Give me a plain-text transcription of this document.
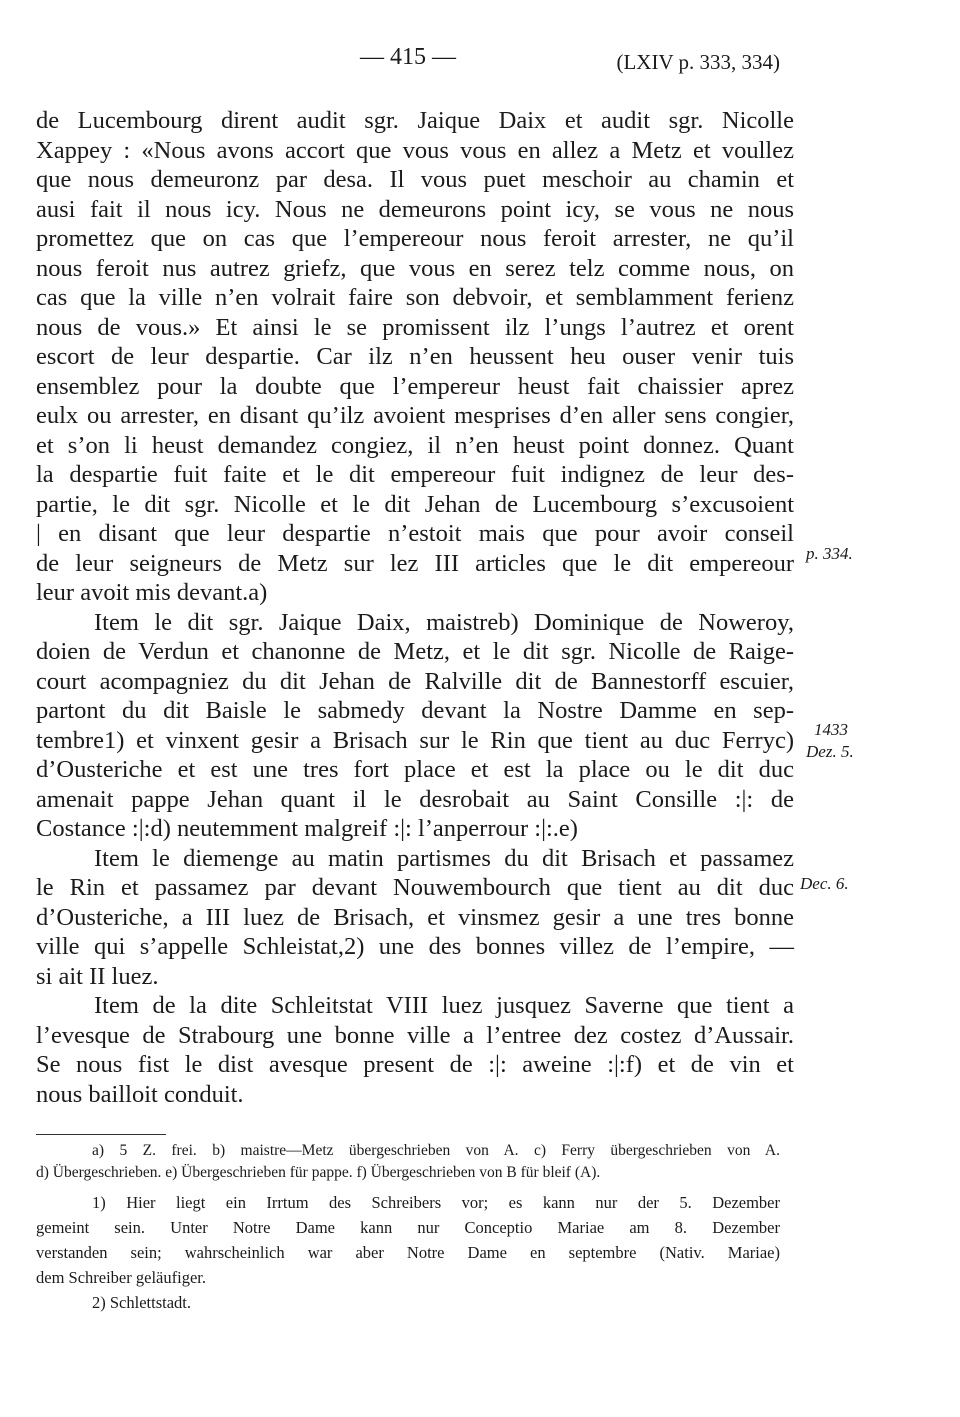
— 415 —	(LXIV p. 333, 334)
de Lucembourg dirent audit sgr. Jaique Daix et audit sgr. Nicolle
Xappey : «Nous avons accort que vous vous en allez a Metz et voullez
que nous demeuronz par desa. Il vous puet meschoir au chamin et
ausi fait il nous icy. Nous ne demeurons point icy, se vous ne nous
promettez que on cas que l’empereour nous feroit arrester, ne qu’il
nous feroit nus autrez griefz, que vous en serez telz comme nous, on
cas que la ville n’en volrait faire son debvoir, et semblamment ferienz
nous de vous.» Et ainsi le se promissent ilz l’ungs l’autrez et orent
escort de leur despartie. Car ilz n’en heussent heu ouser venir tuis
ensemblez pour la doubte que l’empereur heust fait chaissier aprez
eulx ou arrester, en disant qu’ilz avoient mesprises d’en aller sens congier,
et s’on li heust demandez congiez, il n’en heust point donnez. Quant
la despartie fuit faite et le dit empereour fuit indignez de leur des-
partie, le dit sgr. Nicolle et le dit Jehan de Lucembourg s’excusoient
| en disant que leur despartie n’estoit mais que pour avoir conseil
de leur seigneurs de Metz sur lez III articles que le dit empereour
leur avoit mis devant.a)
Item le dit sgr. Jaique Daix, maistreb) Dominique de Noweroy,
doien de Verdun et chanonne de Metz, et le dit sgr. Nicolle de Raige-
court acompagniez du dit Jehan de Ralville dit de Bannestorff escuier,
partont du dit Baisle le sabmedy devant la Nostre Damme en sep-
tembre1) et vinxent gesir a Brisach sur le Rin que tient au duc Ferryc)
d’Ousteriche et est une tres fort place et est la place ou le dit duc
amenait pappe Jehan quant il le desrobait au Saint Consille :|: de
Costance :|:d) neutemment malgreif :|: l’anperrour :|:.e)
Item le diemenge au matin partismes du dit Brisach et passamez
le Rin et passamez par devant Nouwembourch que tient au dit duc
d’Ousteriche, a III luez de Brisach, et vinsmez gesir a une tres bonne
ville qui s’appelle Schleistat,2) une des bonnes villez de l’empire, —
si ait II luez.
Item de la dite Schleitstat VIII luez jusquez Saverne que tient a
l’evesque de Strabourg une bonne ville a l’entree dez costez d’Aussair.
Se nous fist le dist avesque present de :|: aweine :|:f) et de vin et
nous bailloit conduit.
p. 334.
1433
Dez. 5.
Dec. 6.
a) 5 Z. frei. b) maistre—Metz übergeschrieben von A. c) Ferry übergeschrieben von A.
d) Übergeschrieben. e) Übergeschrieben für pappe. f) Übergeschrieben von B für bleif (A).
1) Hier liegt ein Irrtum des Schreibers vor; es kann nur der 5. Dezember
gemeint sein. Unter Notre Dame kann nur Conceptio Mariae am 8. Dezember
verstanden sein; wahrscheinlich war aber Notre Dame en septembre (Nativ. Mariae)
dem Schreiber geläufiger.
2) Schlettstadt.
